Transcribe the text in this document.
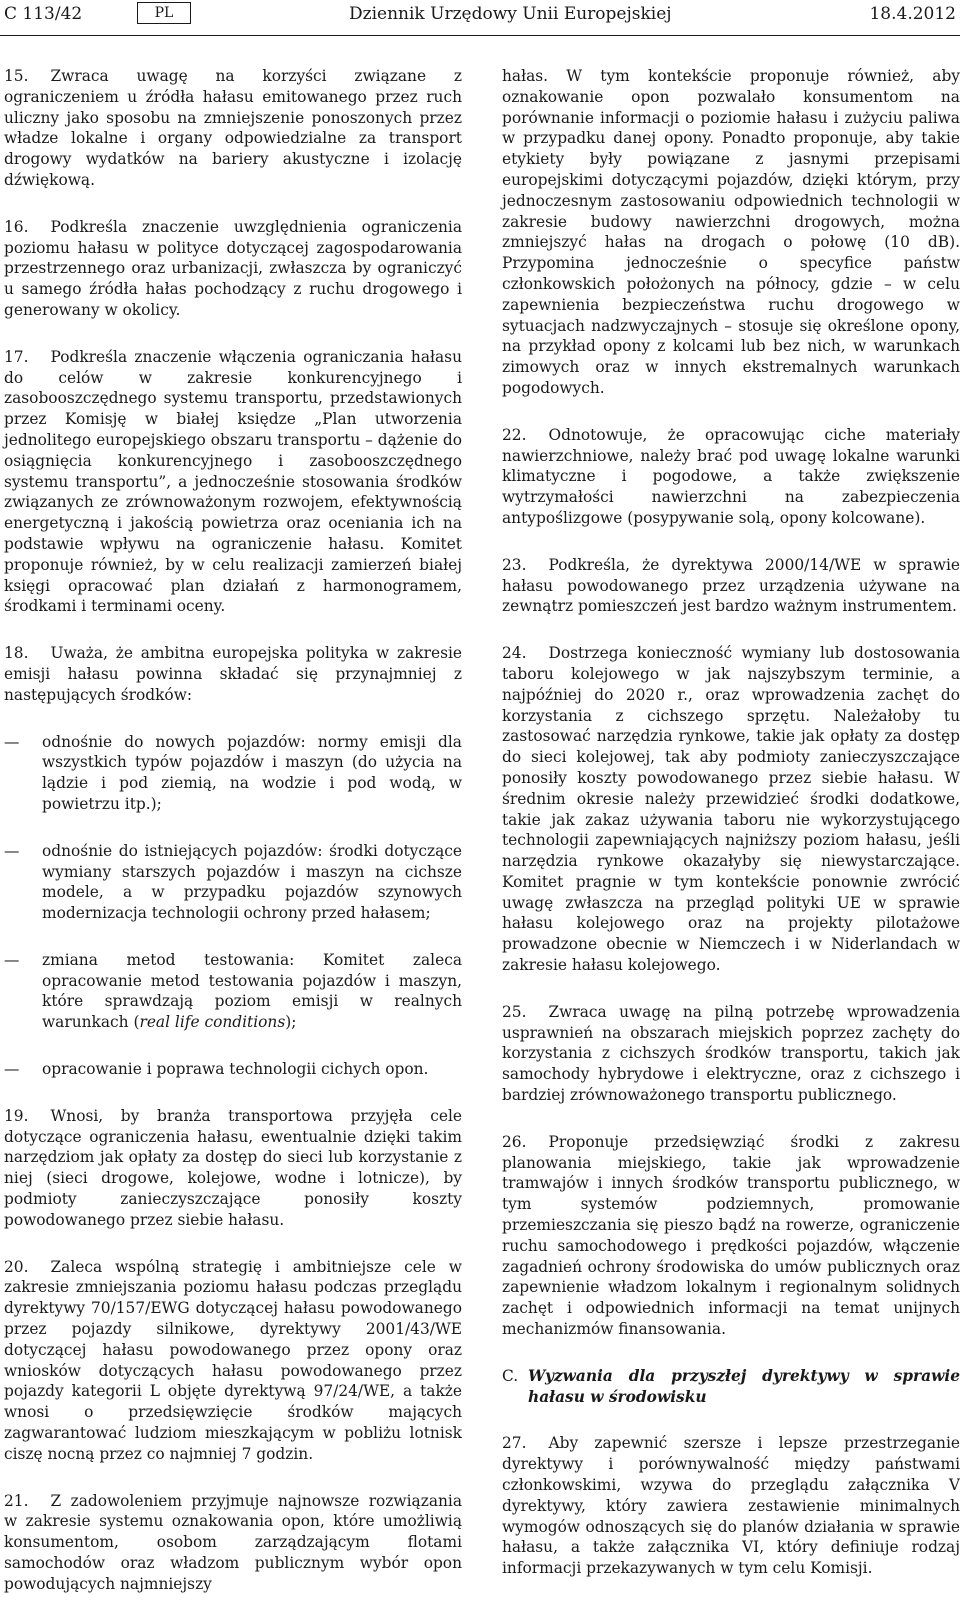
C 113/42	PL	Dziennik Urzędowy Unii Europejskiej	18.4.2012

15. Zwraca uwagę na korzyści związane z ograniczeniem u źródła hałasu emitowanego przez ruch uliczny jako sposobu na zmniejszenie ponoszonych przez władze lokalne i organy odpowiedzialne za transport drogowy wydatków na bariery akustyczne i izolację dźwiękową.

16. Podkreśla znaczenie uwzględnienia ograniczenia poziomu hałasu w polityce dotyczącej zagospodarowania przestrzennego oraz urbanizacji, zwłaszcza by ograniczyć u samego źródła hałas pochodzący z ruchu drogowego i generowany w okolicy.

17. Podkreśla znaczenie włączenia ograniczania hałasu do celów w zakresie konkurencyjnego i zasobooszczędnego systemu transportu, przedstawionych przez Komisję w białej księdze „Plan utworzenia jednolitego europejskiego obszaru transportu – dążenie do osiągnięcia konkurencyjnego i zasobooszczędnego systemu transportu”, a jednocześnie stosowania środków związanych ze zrównoważonym rozwojem, efektywnością energetyczną i jakością powietrza oraz oceniania ich na podstawie wpływu na ograniczenie hałasu. Komitet proponuje również, by w celu realizacji zamierzeń białej księgi opracować plan działań z harmonogramem, środkami i terminami oceny.

18. Uważa, że ambitna europejska polityka w zakresie emisji hałasu powinna składać się przynajmniej z następujących środków:

— odnośnie do nowych pojazdów: normy emisji dla wszystkich typów pojazdów i maszyn (do użycia na lądzie i pod ziemią, na wodzie i pod wodą, w powietrzu itp.);
— odnośnie do istniejących pojazdów: środki dotyczące wymiany starszych pojazdów i maszyn na cichsze modele, a w przypadku pojazdów szynowych modernizacja technologii ochrony przed hałasem;
— zmiana metod testowania: Komitet zaleca opracowanie metod testowania pojazdów i maszyn, które sprawdzają poziom emisji w realnych warunkach (real life conditions);
— opracowanie i poprawa technologii cichych opon.

19. Wnosi, by branża transportowa przyjęła cele dotyczące ograniczenia hałasu, ewentualnie dzięki takim narzędziom jak opłaty za dostęp do sieci lub korzystanie z niej (sieci drogowe, kolejowe, wodne i lotnicze), by podmioty zanieczyszczające ponosiły koszty powodowanego przez siebie hałasu.

20. Zaleca wspólną strategię i ambitniejsze cele w zakresie zmniejszania poziomu hałasu podczas przeglądu dyrektywy 70/157/EWG dotyczącej hałasu powodowanego przez pojazdy silnikowe, dyrektywy 2001/43/WE dotyczącej hałasu powodowanego przez opony oraz wniosków dotyczących hałasu powodowanego przez pojazdy kategorii L objęte dyrektywą 97/24/WE, a także wnosi o przedsięwzięcie środków mających zagwarantować ludziom mieszkającym w pobliżu lotnisk ciszę nocną przez co najmniej 7 godzin.

21. Z zadowoleniem przyjmuje najnowsze rozwiązania w zakresie systemu oznakowania opon, które umożliwią konsumentom, osobom zarządzającym flotami samochodów oraz władzom publicznym wybór opon powodujących najmniejszy

hałas. W tym kontekście proponuje również, aby oznakowanie opon pozwalało konsumentom na porównanie informacji o poziomie hałasu i zużyciu paliwa w przypadku danej opony. Ponadto proponuje, aby takie etykiety były powiązane z jasnymi przepisami europejskimi dotyczącymi pojazdów, dzięki którym, przy jednoczesnym zastosowaniu odpowiednich technologii w zakresie budowy nawierzchni drogowych, można zmniejszyć hałas na drogach o połowę (10 dB). Przypomina jednocześnie o specyfice państw członkowskich położonych na północy, gdzie – w celu zapewnienia bezpieczeństwa ruchu drogowego w sytuacjach nadzwyczajnych – stosuje się określone opony, na przykład opony z kolcami lub bez nich, w warunkach zimowych oraz w innych ekstremalnych warunkach pogodowych.

22. Odnotowuje, że opracowując ciche materiały nawierzchniowe, należy brać pod uwagę lokalne warunki klimatyczne i pogodowe, a także zwiększenie wytrzymałości nawierzchni na zabezpieczenia antypoślizgowe (posypywanie solą, opony kolcowane).

23. Podkreśla, że dyrektywa 2000/14/WE w sprawie hałasu powodowanego przez urządzenia używane na zewnątrz pomieszczeń jest bardzo ważnym instrumentem.

24. Dostrzega konieczność wymiany lub dostosowania taboru kolejowego w jak najszybszym terminie, a najpóźniej do 2020 r., oraz wprowadzenia zachęt do korzystania z cichszego sprzętu. Należałoby tu zastosować narzędzia rynkowe, takie jak opłaty za dostęp do sieci kolejowej, tak aby podmioty zanieczyszczające ponosiły koszty powodowanego przez siebie hałasu. W średnim okresie należy przewidzieć środki dodatkowe, takie jak zakaz używania taboru nie wykorzystującego technologii zapewniających najniższy poziom hałasu, jeśli narzędzia rynkowe okazałyby się niewystarczające. Komitet pragnie w tym kontekście ponownie zwrócić uwagę zwłaszcza na przegląd polityki UE w sprawie hałasu kolejowego oraz na projekty pilotażowe prowadzone obecnie w Niemczech i w Niderlandach w zakresie hałasu kolejowego.

25. Zwraca uwagę na pilną potrzebę wprowadzenia usprawnień na obszarach miejskich poprzez zachęty do korzystania z cichszych środków transportu, takich jak samochody hybrydowe i elektryczne, oraz z cichszego i bardziej zrównoważonego transportu publicznego.

26. Proponuje przedsięwziąć środki z zakresu planowania miejskiego, takie jak wprowadzenie tramwajów i innych środków transportu publicznego, w tym systemów podziemnych, promowanie przemieszczania się pieszo bądź na rowerze, ograniczenie ruchu samochodowego i prędkości pojazdów, włączenie zagadnień ochrony środowiska do umów publicznych oraz zapewnienie władzom lokalnym i regionalnym solidnych zachęt i odpowiednich informacji na temat unijnych mechanizmów finansowania.

C. Wyzwania dla przyszłej dyrektywy w sprawie hałasu w środowisku

27. Aby zapewnić szersze i lepsze przestrzeganie dyrektywy i porównywalność między państwami członkowskimi, wzywa do przeglądu załącznika V dyrektywy, który zawiera zestawienie minimalnych wymogów odnoszących się do planów działania w sprawie hałasu, a także załącznika VI, który definiuje rodzaj informacji przekazywanych w tym celu Komisji.
